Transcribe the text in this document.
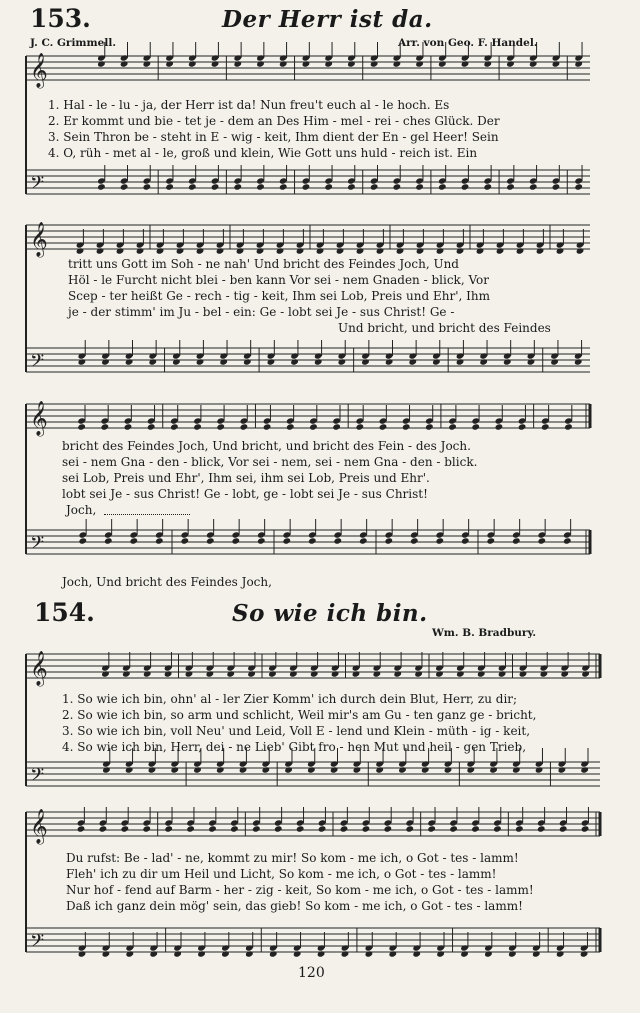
153.	Der Herr ist da.
J. C. Grimmell.	Arr. von Geo. F. Handel.
𝄞
𝄢
𝄞
𝄢
𝄞
𝄢
𝄞
𝄢
𝄞
𝄢
1. Hal - le - lu - ja, der Herr ist da! Nun freu't euch al - le hoch. Es
2. Er kommt und bie - tet je - dem an Des Him - mel - rei - ches Glück. Der
3. Sein Thron be - steht in E - wig - keit, Ihm dient der En - gel Heer! Sein
4. O, rüh - met al - le, groß und klein, Wie Gott uns huld - reich ist. Ein
tritt uns Gott im Soh - ne nah' Und bricht des Feindes Joch, Und
Höl - le Furcht nicht blei - ben kann Vor sei - nem Gnaden - blick, Vor
Scep - ter heißt Ge - rech - tig - keit, Ihm sei Lob, Preis und Ehr', Ihm
je - der stimm' im Ju - bel - ein: Ge - lobt sei Je - sus Christ! Ge -
Und bricht, und bricht des Feindes
bricht des Feindes Joch, Und bricht, und bricht des Fein - des Joch.
sei - nem Gna - den - blick, Vor sei - nem, sei - nem Gna - den - blick.
sei Lob, Preis und Ehr', Ihm sei, ihm sei Lob, Preis und Ehr'.
lobt sei Je - sus Christ! Ge - lobt, ge - lobt sei Je - sus Christ!
Joch,
Joch, Und bricht des Feindes Joch,
154.	So wie ich bin.
Wm. B. Bradbury.
1. So wie ich bin, ohn' al - ler Zier Komm' ich durch dein Blut, Herr, zu dir;
2. So wie ich bin, so arm und schlicht, Weil mir's am Gu - ten ganz ge - bricht,
3. So wie ich bin, voll Neu' und Leid, Voll E - lend und Klein - müth - ig - keit,
4. So wie ich bin, Herr, dei - ne Lieb' Gibt fro - hen Mut und heil - gen Trieb,
Du rufst: Be - lad' - ne, kommt zu mir! So kom - me ich, o Got - tes - lamm!
Fleh' ich zu dir um Heil und Licht, So kom - me ich, o Got - tes - lamm!
Nur hof - fend auf Barm - her - zig - keit, So kom - me ich, o Got - tes - lamm!
Daß ich ganz dein mög' sein, das gieb! So kom - me ich, o Got - tes - lamm!
120
